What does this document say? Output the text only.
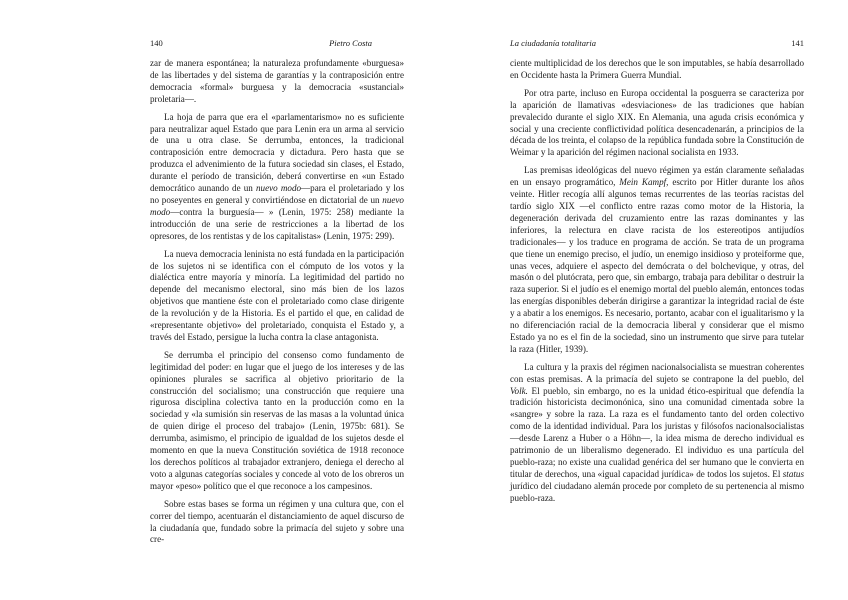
140	Pietro Costa

zar de manera espontánea; la naturaleza profundamente «burguesa» de las libertades y del sistema de garantías y la contraposición entre democracia «formal» burguesa y la democracia «sustancial» proletaria—.

La hoja de parra que era el «parlamentarismo» no es suficiente para neutralizar aquel Estado que para Lenin era un arma al servicio de una u otra clase. Se derrumba, entonces, la tradicional contraposición entre democracia y dictadura. Pero hasta que se produzca el advenimiento de la futura sociedad sin clases, el Estado, durante el período de transición, deberá convertirse en «un Estado democrático aunando de un nuevo modo—para el proletariado y los no poseyentes en general y convirtiéndose en dictatorial de un nuevo modo—contra la burguesía— » (Lenin, 1975: 258) mediante la introducción de una serie de restricciones a la libertad de los opresores, de los rentistas y de los capitalistas» (Lenin, 1975: 299).

La nueva democracia leninista no está fundada en la participación de los sujetos ni se identifica con el cómputo de los votos y la dialéctica entre mayoría y minoría. La legitimidad del partido no depende del mecanismo electoral, sino más bien de los lazos objetivos que mantiene éste con el proletariado como clase dirigente de la revolución y de la Historia. Es el partido el que, en calidad de «representante objetivo» del proletariado, conquista el Estado y, a través del Estado, persigue la lucha contra la clase antagonista.

Se derrumba el principio del consenso como fundamento de legitimidad del poder: en lugar que el juego de los intereses y de las opiniones plurales se sacrifica al objetivo prioritario de la construcción del socialismo; una construcción que requiere una rigurosa disciplina colectiva tanto en la producción como en la sociedad y «la sumisión sin reservas de las masas a la voluntad única de quien dirige el proceso del trabajo» (Lenin, 1975b: 681). Se derrumba, asimismo, el principio de igualdad de los sujetos desde el momento en que la nueva Constitución soviética de 1918 reconoce los derechos políticos al trabajador extranjero, deniega el derecho al voto a algunas categorías sociales y concede al voto de los obreros un mayor «peso» político que el que reconoce a los campesinos.

Sobre estas bases se forma un régimen y una cultura que, con el correr del tiempo, acentuarán el distanciamiento de aquel discurso de la ciudadanía que, fundado sobre la primacía del sujeto y sobre una cre-

La ciudadanía totalitaria	141

ciente multiplicidad de los derechos que le son imputables, se había desarrollado en Occidente hasta la Primera Guerra Mundial.

Por otra parte, incluso en Europa occidental la posguerra se caracteriza por la aparición de llamativas «desviaciones» de las tradiciones que habían prevalecido durante el siglo XIX. En Alemania, una aguda crisis económica y social y una creciente conflictividad política desencadenarán, a principios de la década de los treinta, el colapso de la república fundada sobre la Constitución de Weimar y la aparición del régimen nacional socialista en 1933.

Las premisas ideológicas del nuevo régimen ya están claramente señaladas en un ensayo programático, Mein Kampf, escrito por Hitler durante los años veinte. Hitler recogía allí algunos temas recurrentes de las teorías racistas del tardío siglo XIX —el conflicto entre razas como motor de la Historia, la degeneración derivada del cruzamiento entre las razas dominantes y las inferiores, la relectura en clave racista de los estereotipos antijudíos tradicionales— y los traduce en programa de acción. Se trata de un programa que tiene un enemigo preciso, el judío, un enemigo insidioso y proteiforme que, unas veces, adquiere el aspecto del demócrata o del bolchevique, y otras, del masón o del plutócrata, pero que, sin embargo, trabaja para debilitar o destruir la raza superior. Si el judío es el enemigo mortal del pueblo alemán, entonces todas las energías disponibles deberán dirigirse a garantizar la integridad racial de éste y a abatir a los enemigos. Es necesario, portanto, acabar con el igualitarismo y la no diferenciación racial de la democracia liberal y considerar que el mismo Estado ya no es el fin de la sociedad, sino un instrumento que sirve para tutelar la raza (Hitler, 1939).

La cultura y la praxis del régimen nacionalsocialista se muestran coherentes con estas premisas. A la primacía del sujeto se contrapone la del pueblo, del Volk. El pueblo, sin embargo, no es la unidad ético-espiritual que defendía la tradición historicista decimonónica, sino una comunidad cimentada sobre la «sangre» y sobre la raza. La raza es el fundamento tanto del orden colectivo como de la identidad individual. Para los juristas y filósofos nacionalsocialistas —desde Larenz a Huber o a Höhn—, la idea misma de derecho individual es patrimonio de un liberalismo degenerado. El individuo es una partícula del pueblo-raza; no existe una cualidad genérica del ser humano que le convierta en titular de derechos, una «igual capacidad jurídica» de todos los sujetos. El status jurídico del ciudadano alemán procede por completo de su pertenencia al mismo pueblo-raza.
